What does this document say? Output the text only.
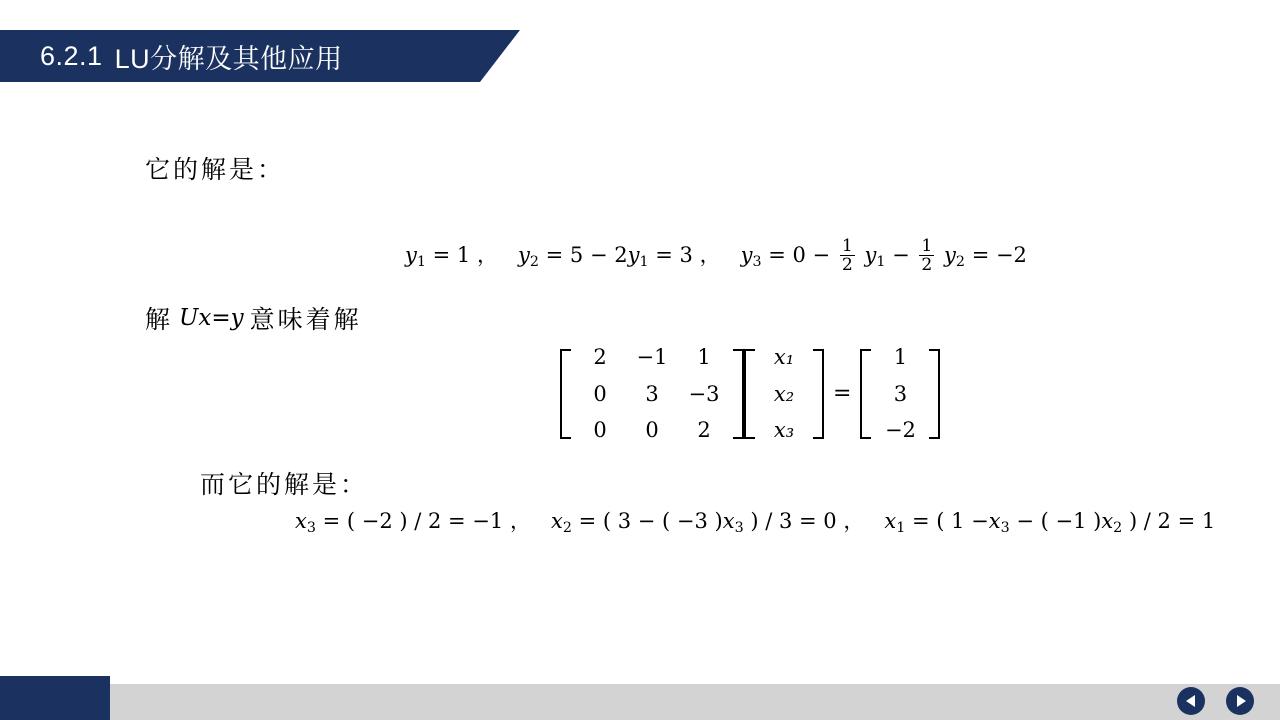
6.2.1 LU分解及其他应用
它的解是：
$y_1 = 1$ ， $y_2 = 5 - 2y_1 = 3$ ， $y_3 = 0 - \frac{1}{2} y_1 - \frac{1}{2} y_2 = -2$
解 Ux=y 意味着解
2	−1	1
0	3	−3
0	0	2
x₁
x₂
x₃
=
1
3
−2
而它的解是：
$x_3$ = ( −2 ) / 2 = −1 ， $x_2$ = ( 3 − ( −3 )$x_3$ ) / 3 = 0 ， $x_1$ = ( $1 -x_3$ − ( −1 )$x_2$ ) / 2 = 1
